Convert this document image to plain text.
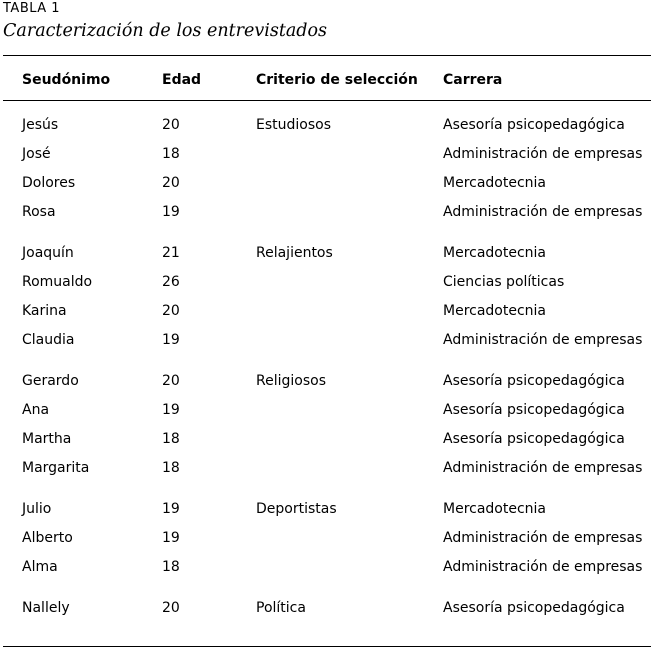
TABLA 1
Caracterización de los entrevistados
Seudónimo	Edad	Criterio de selección	Carrera
Jesús	20	Estudiosos	Asesoría psicopedagógica
José	18		Administración de empresas
Dolores	20		Mercadotecnia
Rosa	19		Administración de empresas
Joaquín	21	Relajientos	Mercadotecnia
Romualdo	26		Ciencias políticas
Karina	20		Mercadotecnia
Claudia	19		Administración de empresas
Gerardo	20	Religiosos	Asesoría psicopedagógica
Ana	19		Asesoría psicopedagógica
Martha	18		Asesoría psicopedagógica
Margarita	18		Administración de empresas
Julio	19	Deportistas	Mercadotecnia
Alberto	19		Administración de empresas
Alma	18		Administración de empresas
Nallely	20	Política	Asesoría psicopedagógica
